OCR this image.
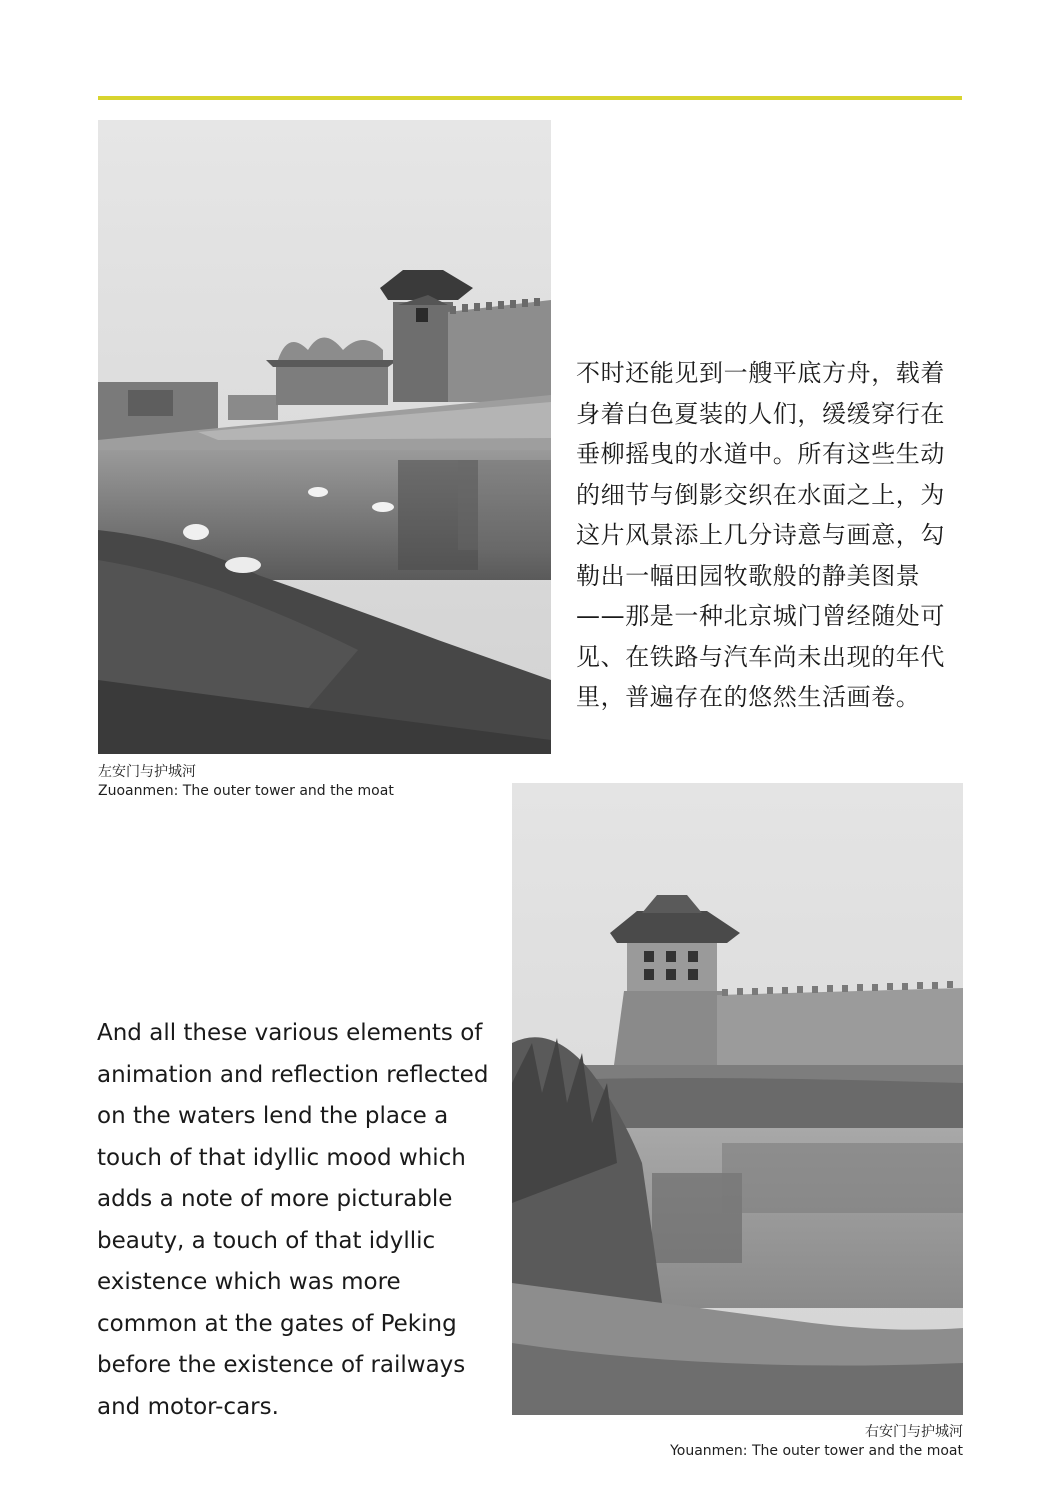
左安门与护城河
Zuoanmen: The outer tower and the moat
不时还能见到一艘平底方舟，载着身着白色夏装的人们，缓缓穿行在垂柳摇曳的水道中。所有这些生动的细节与倒影交织在水面之上，为这片风景添上几分诗意与画意，勾勒出一幅田园牧歌般的静美图景——那是一种北京城门曾经随处可见、在铁路与汽车尚未出现的年代里，普遍存在的悠然生活画卷。
And all these various elements of animation and reflection reflected on the waters lend the place a touch of that idyllic mood which adds a note of more picturable beauty, a touch of that idyllic existence which was more common at the gates of Peking before the existence of railways and motor-cars.
右安门与护城河
Youanmen: The outer tower and the moat
